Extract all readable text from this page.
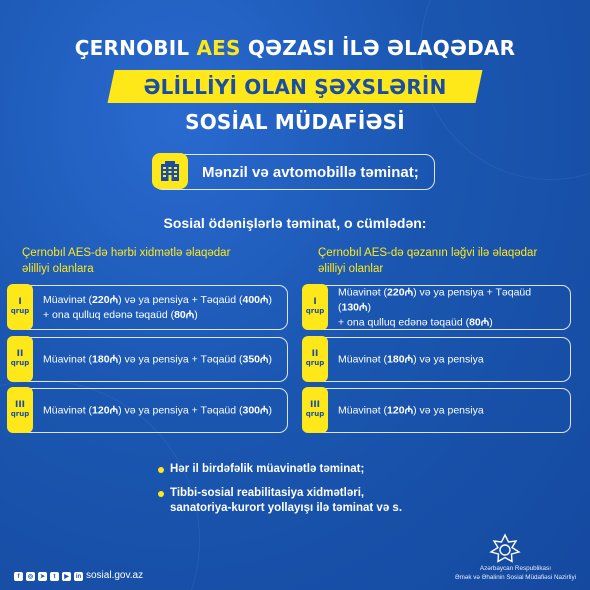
ÇERNOBIL AES QƏZASI İLƏ ƏLAQƏDAR
ƏLİLLİYİ OLAN ŞƏXSLƏRİN
SOSİAL MÜDAFİƏSİ
Mənzil və avtomobillə təminat;
Sosial ödənişlərlə təminat, o cümlədən:
Çernobıl AES-də hərbi xidmətlə əlaqədar
əlilliyi olanlara
Çernobıl AES-də qəzanın ləğvi ilə əlaqədar
əlilliyi olanlar
I
qrup
Müavinət (220₼) və ya pensiya + Təqaüd (400₼)
+ ona qulluq edənə təqaüd (80₼)
II
qrup Müavinət (180₼) və ya pensiya + Təqaüd (350₼)
III
qrup Müavinət (120₼) və ya pensiya + Təqaüd (300₼)
I
qrup
Müavinət (220₼) və ya pensiya + Təqaüd (130₼)
+ ona qulluq edənə təqaüd (80₼)
II
qrup Müavinət (180₼) və ya pensiya
III
qrup Müavinət (120₼) və ya pensiya
Hər il birdəfəlik müavinətlə təminat;
Tibbi-sosial reabilitasiya xidmətləri,
sanatoriya-kurort yollayışı ilə təminat və s.
f	◎	➤	t	▶	in sosial.gov.az
Azərbaycan Respublikası
Əmək və Əhalinin Sosial Müdafiəsi Nazirliyi
